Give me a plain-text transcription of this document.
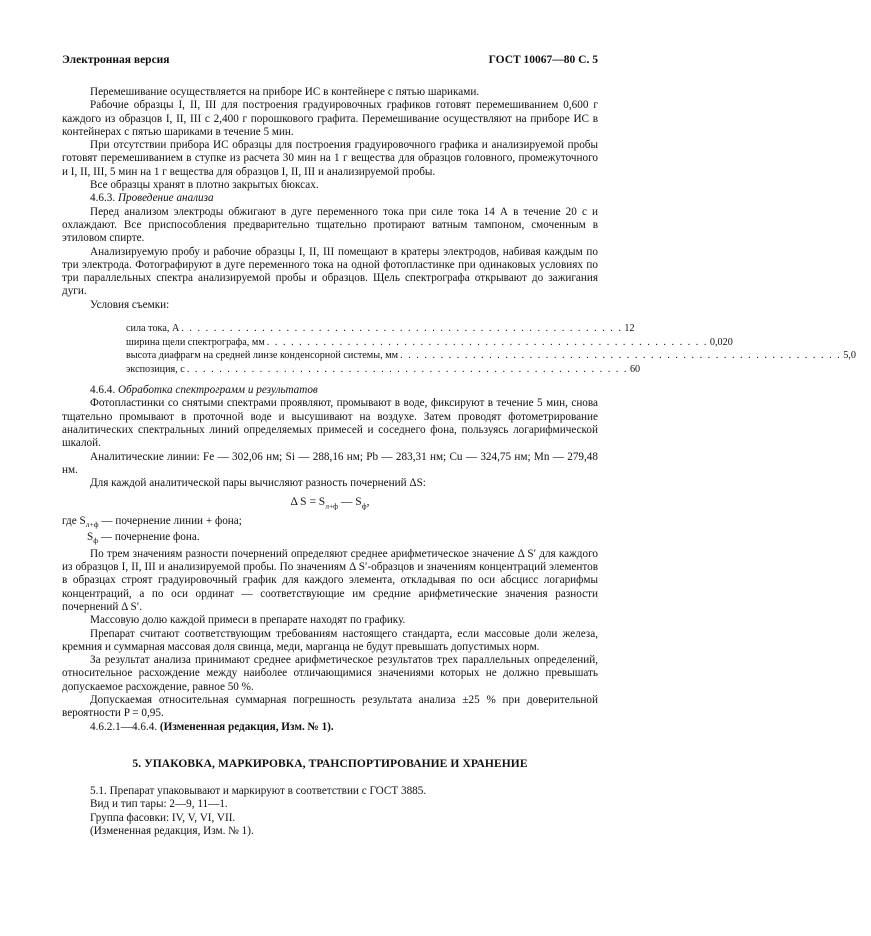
Электронная версия	ГОСТ 10067—80 С. 5

Перемешивание осуществляется на приборе ИС в контейнере с пятью шариками.

Рабочие образцы I, II, III для построения градуировочных графиков готовят перемешиванием 0,600 г каждого из образцов I, II, III с 2,400 г порошкового графита. Перемешивание осуществляют на приборе ИС в контейнерах с пятью шариками в течение 5 мин.

При отсутствии прибора ИС образцы для построения градуировочного графика и анализируемой пробы готовят перемешиванием в ступке из расчета 30 мин на 1 г вещества для образцов головного, промежуточного и I, II, III, 5 мин на 1 г вещества для образцов I, II, III и анализируемой пробы.

Все образцы хранят в плотно закрытых бюксах.

4.6.3. Проведение анализа

Перед анализом электроды обжигают в дуге переменного тока при силе тока 14 А в течение 20 с и охлаждают. Все приспособления предварительно тщательно протирают ватным тампоном, смоченным в этиловом спирте.

Анализируемую пробу и рабочие образцы I, II, III помещают в кратеры электродов, набивая каждым по три электрода. Фотографируют в дуге переменного тока на одной фотопластинке при одинаковых условиях по три параллельных спектра анализируемой пробы и образцов. Щель спектрографа открывают до зажигания дуги.

Условия съемки:

сила тока, А . . . . . . . . . . . . . . . . . . . . . . . . . . . . . . . . . . . . . . . . . . . . . . . . . . . . . . . 12
ширина щели спектрографа, мм . . . . . . . . . . . . . . . . . . . . . . . . . . . . . . . . . . . . . . . . . . . . . . . . . . . . . . . 0,020
высота диафрагм на средней линзе конденсорной системы, мм . . . . . . . . . . . . . . . . . . . . . . . . . . . . . . . . . . . . . . . . . . . . . . . . . . . . . . . 5,0
экспозиция, с . . . . . . . . . . . . . . . . . . . . . . . . . . . . . . . . . . . . . . . . . . . . . . . . . . . . . . . 60

4.6.4. Обработка спектрограмм и результатов

Фотопластинки со снятыми спектрами проявляют, промывают в воде, фиксируют в течение 5 мин, снова тщательно промывают в проточной воде и высушивают на воздухе. Затем проводят фотометрирование аналитических спектральных линий определяемых примесей и соседнего фона, пользуясь логарифмической шкалой.

Аналитические линии: Fe — 302,06 нм; Si — 288,16 нм; Pb — 283,31 нм; Cu — 324,75 нм; Mn — 279,48 нм.

Для каждой аналитической пары вычисляют разность почернений ΔS:

Δ $S = S_{л+ф}$ — $S_ф$,

где $S_{л+ф}$ — почернение линии + фона;

$S_ф$ — почернение фона.

По трем значениям разности почернений определяют среднее арифметическое значение Δ S′ для каждого из образцов I, II, III и анализируемой пробы. По значениям Δ S′-образцов и значениям концентраций элементов в образцах строят градуировочный график для каждого элемента, откладывая по оси абсцисс логарифмы концентраций, а по оси ординат — соответствующие им средние арифметические значения разности почернений Δ S′.

Массовую долю каждой примеси в препарате находят по графику.

Препарат считают соответствующим требованиям настоящего стандарта, если массовые доли железа, кремния и суммарная массовая доля свинца, меди, марганца не будут превышать допустимых норм.

За результат анализа принимают среднее арифметическое результатов трех параллельных определений, относительное расхождение между наиболее отличающимися значениями которых не должно превышать допускаемое расхождение, равное 50 %.

Допускаемая относительная суммарная погрешность результата анализа ±25 % при доверительной вероятности P = 0,95.

4.6.2.1—4.6.4. (Измененная редакция, Изм. № 1).

5. УПАКОВКА, МАРКИРОВКА, ТРАНСПОРТИРОВАНИЕ И ХРАНЕНИЕ

5.1. Препарат упаковывают и маркируют в соответствии с ГОСТ 3885.

Вид и тип тары: 2—9, 11—1.

Группа фасовки: IV, V, VI, VII.

(Измененная редакция, Изм. № 1).
